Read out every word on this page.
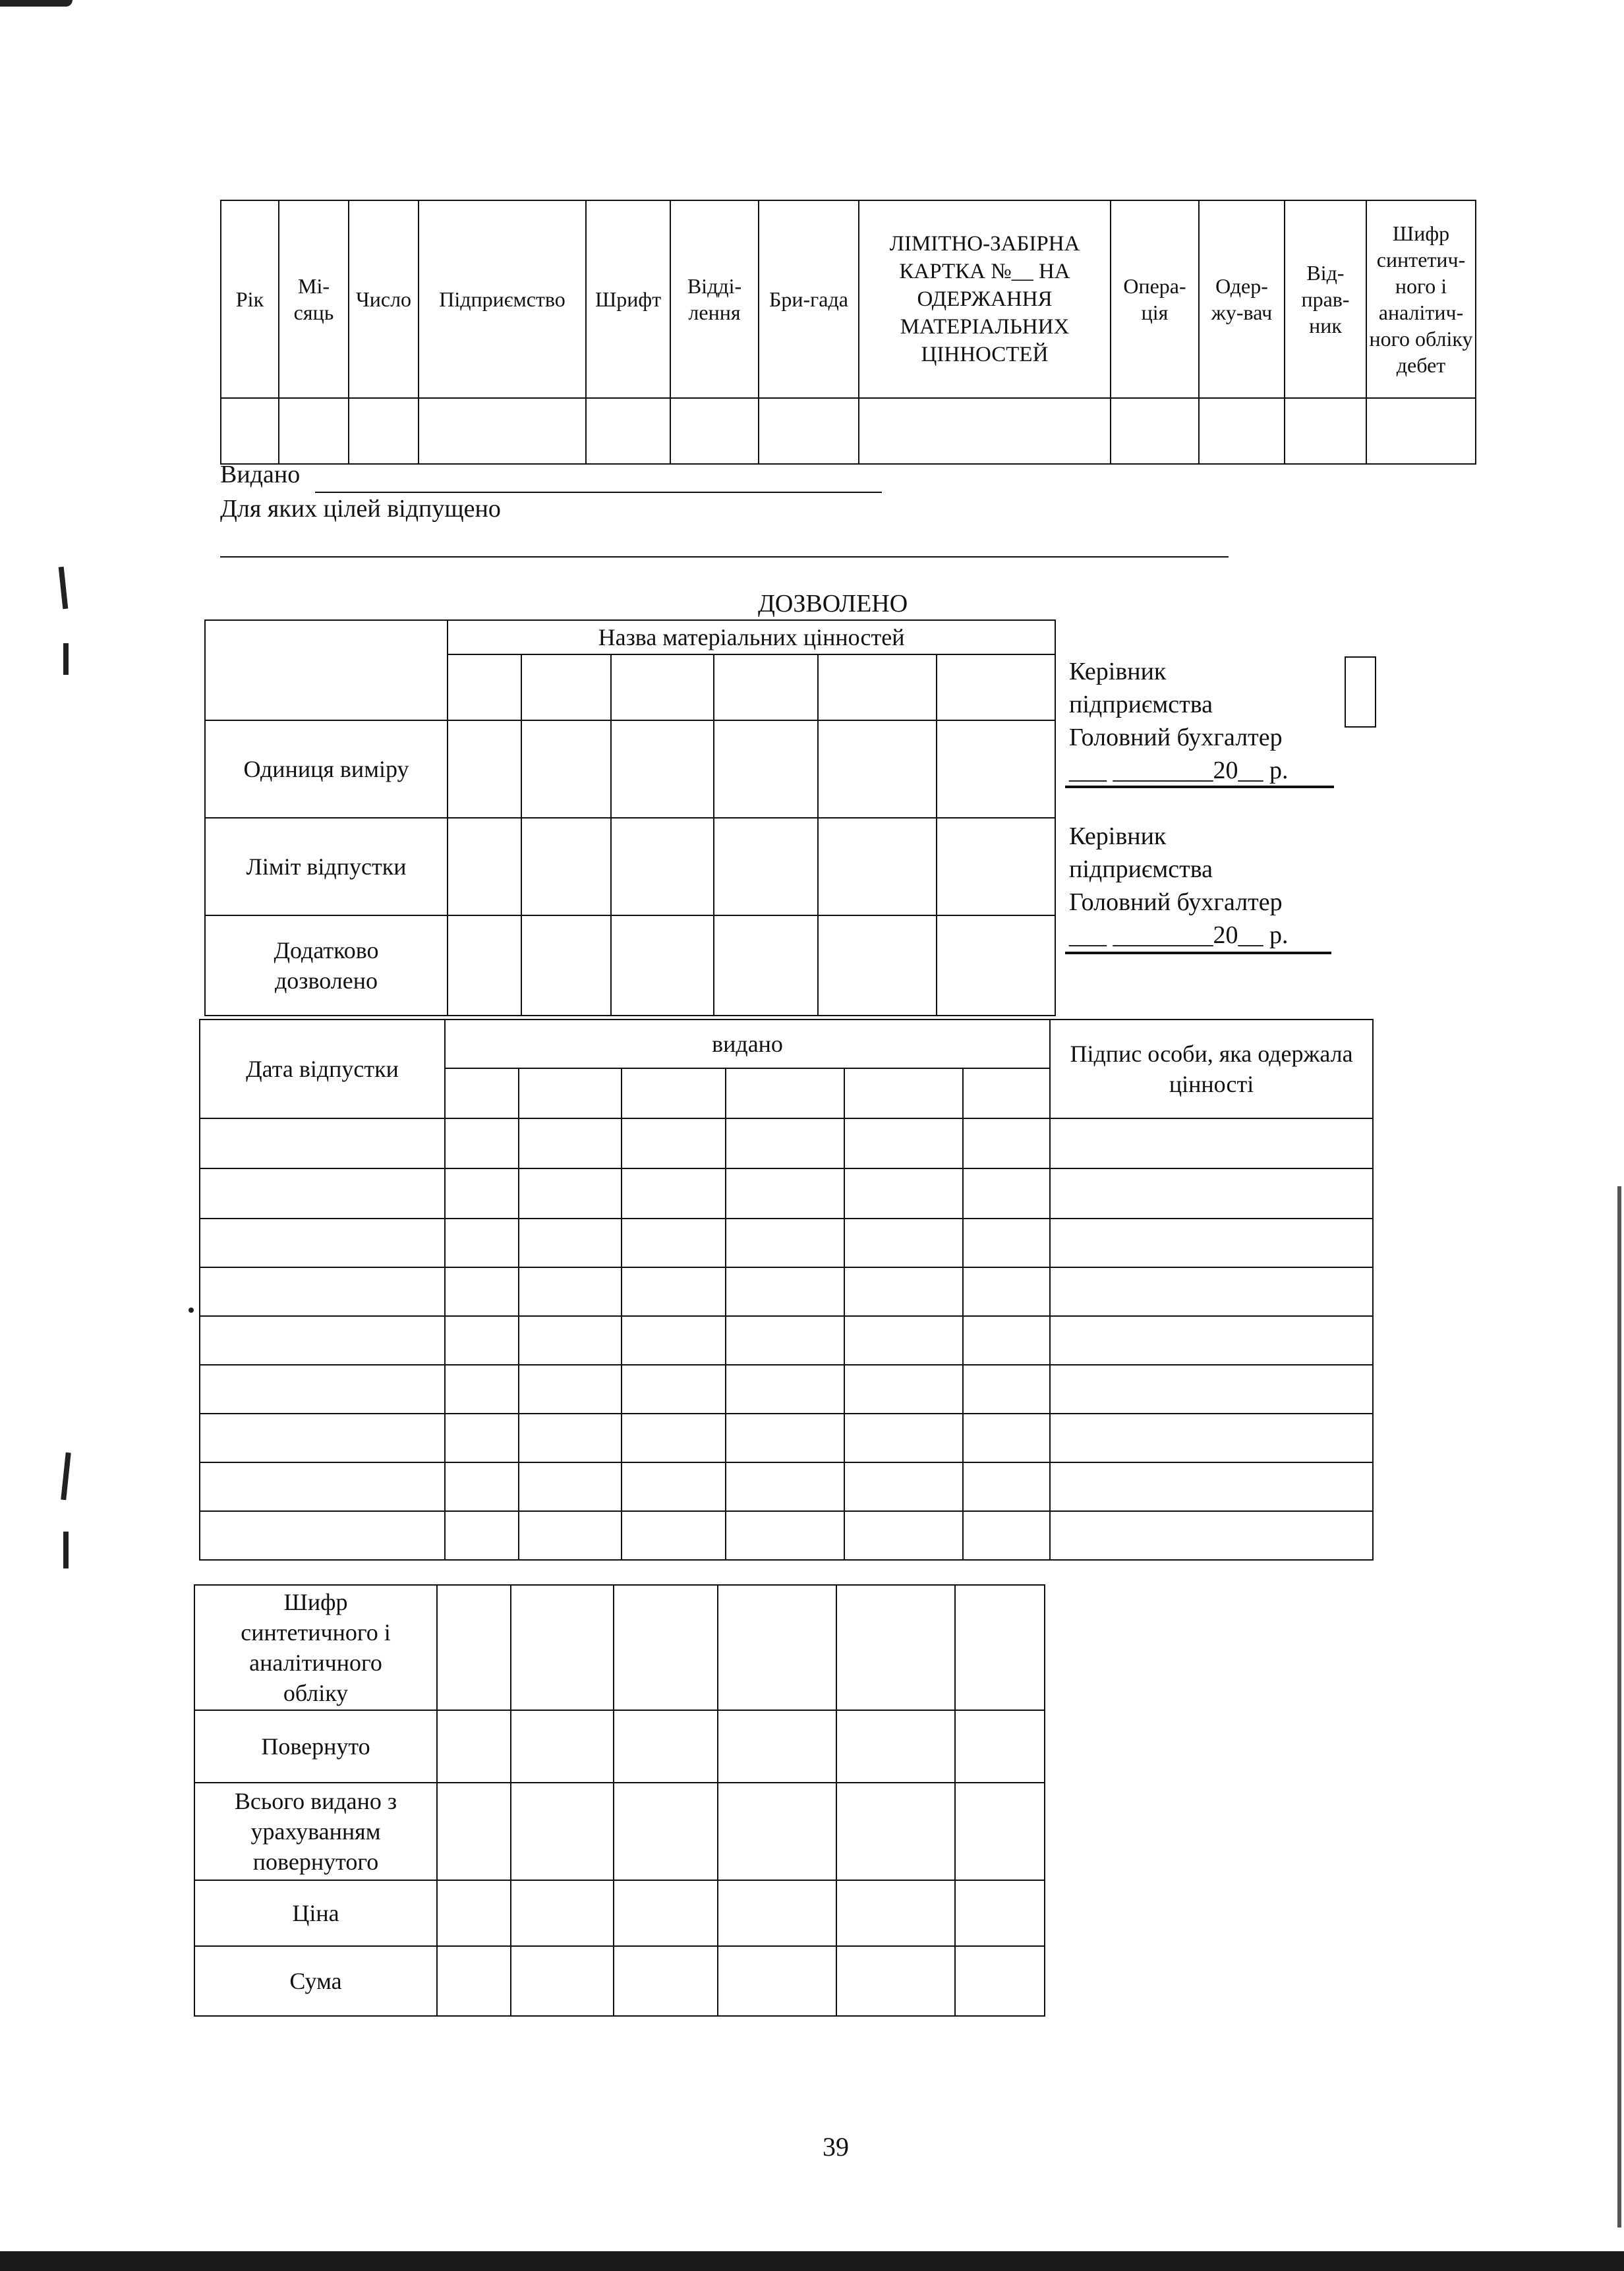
Рік	Мі-сяць	Число	Підприємство	Шрифт	Відді-лення	Бри-гада	ЛІМІТНО-ЗАБІРНА КАРТКА №__ НА ОДЕРЖАННЯ МАТЕРІАЛЬНИХ ЦІННОСТЕЙ	Опера-ція	Одер-жу-вач	Від-прав-ник	Шифр синтетич-ного і аналітич-ного обліку дебет

Видано
Для яких цілей відпущено
ДОЗВОЛЕНО
	Назва матеріальних цінностей					

Одиниця виміру						
Ліміт відпустки						
Додатково дозволено						
Дата відпустки	видано						Підпис особи, яка одержала цінності

Шифр синтетичного і аналітичного обліку						
Повернуто						
Всього видано з урахуванням повернутого						
Ціна						
Сума						
Керівник
підприємства
Головний бухгалтер
___ ________20__ р.
Керівник
підприємства
Головний бухгалтер
___ ________20__ р.
39
